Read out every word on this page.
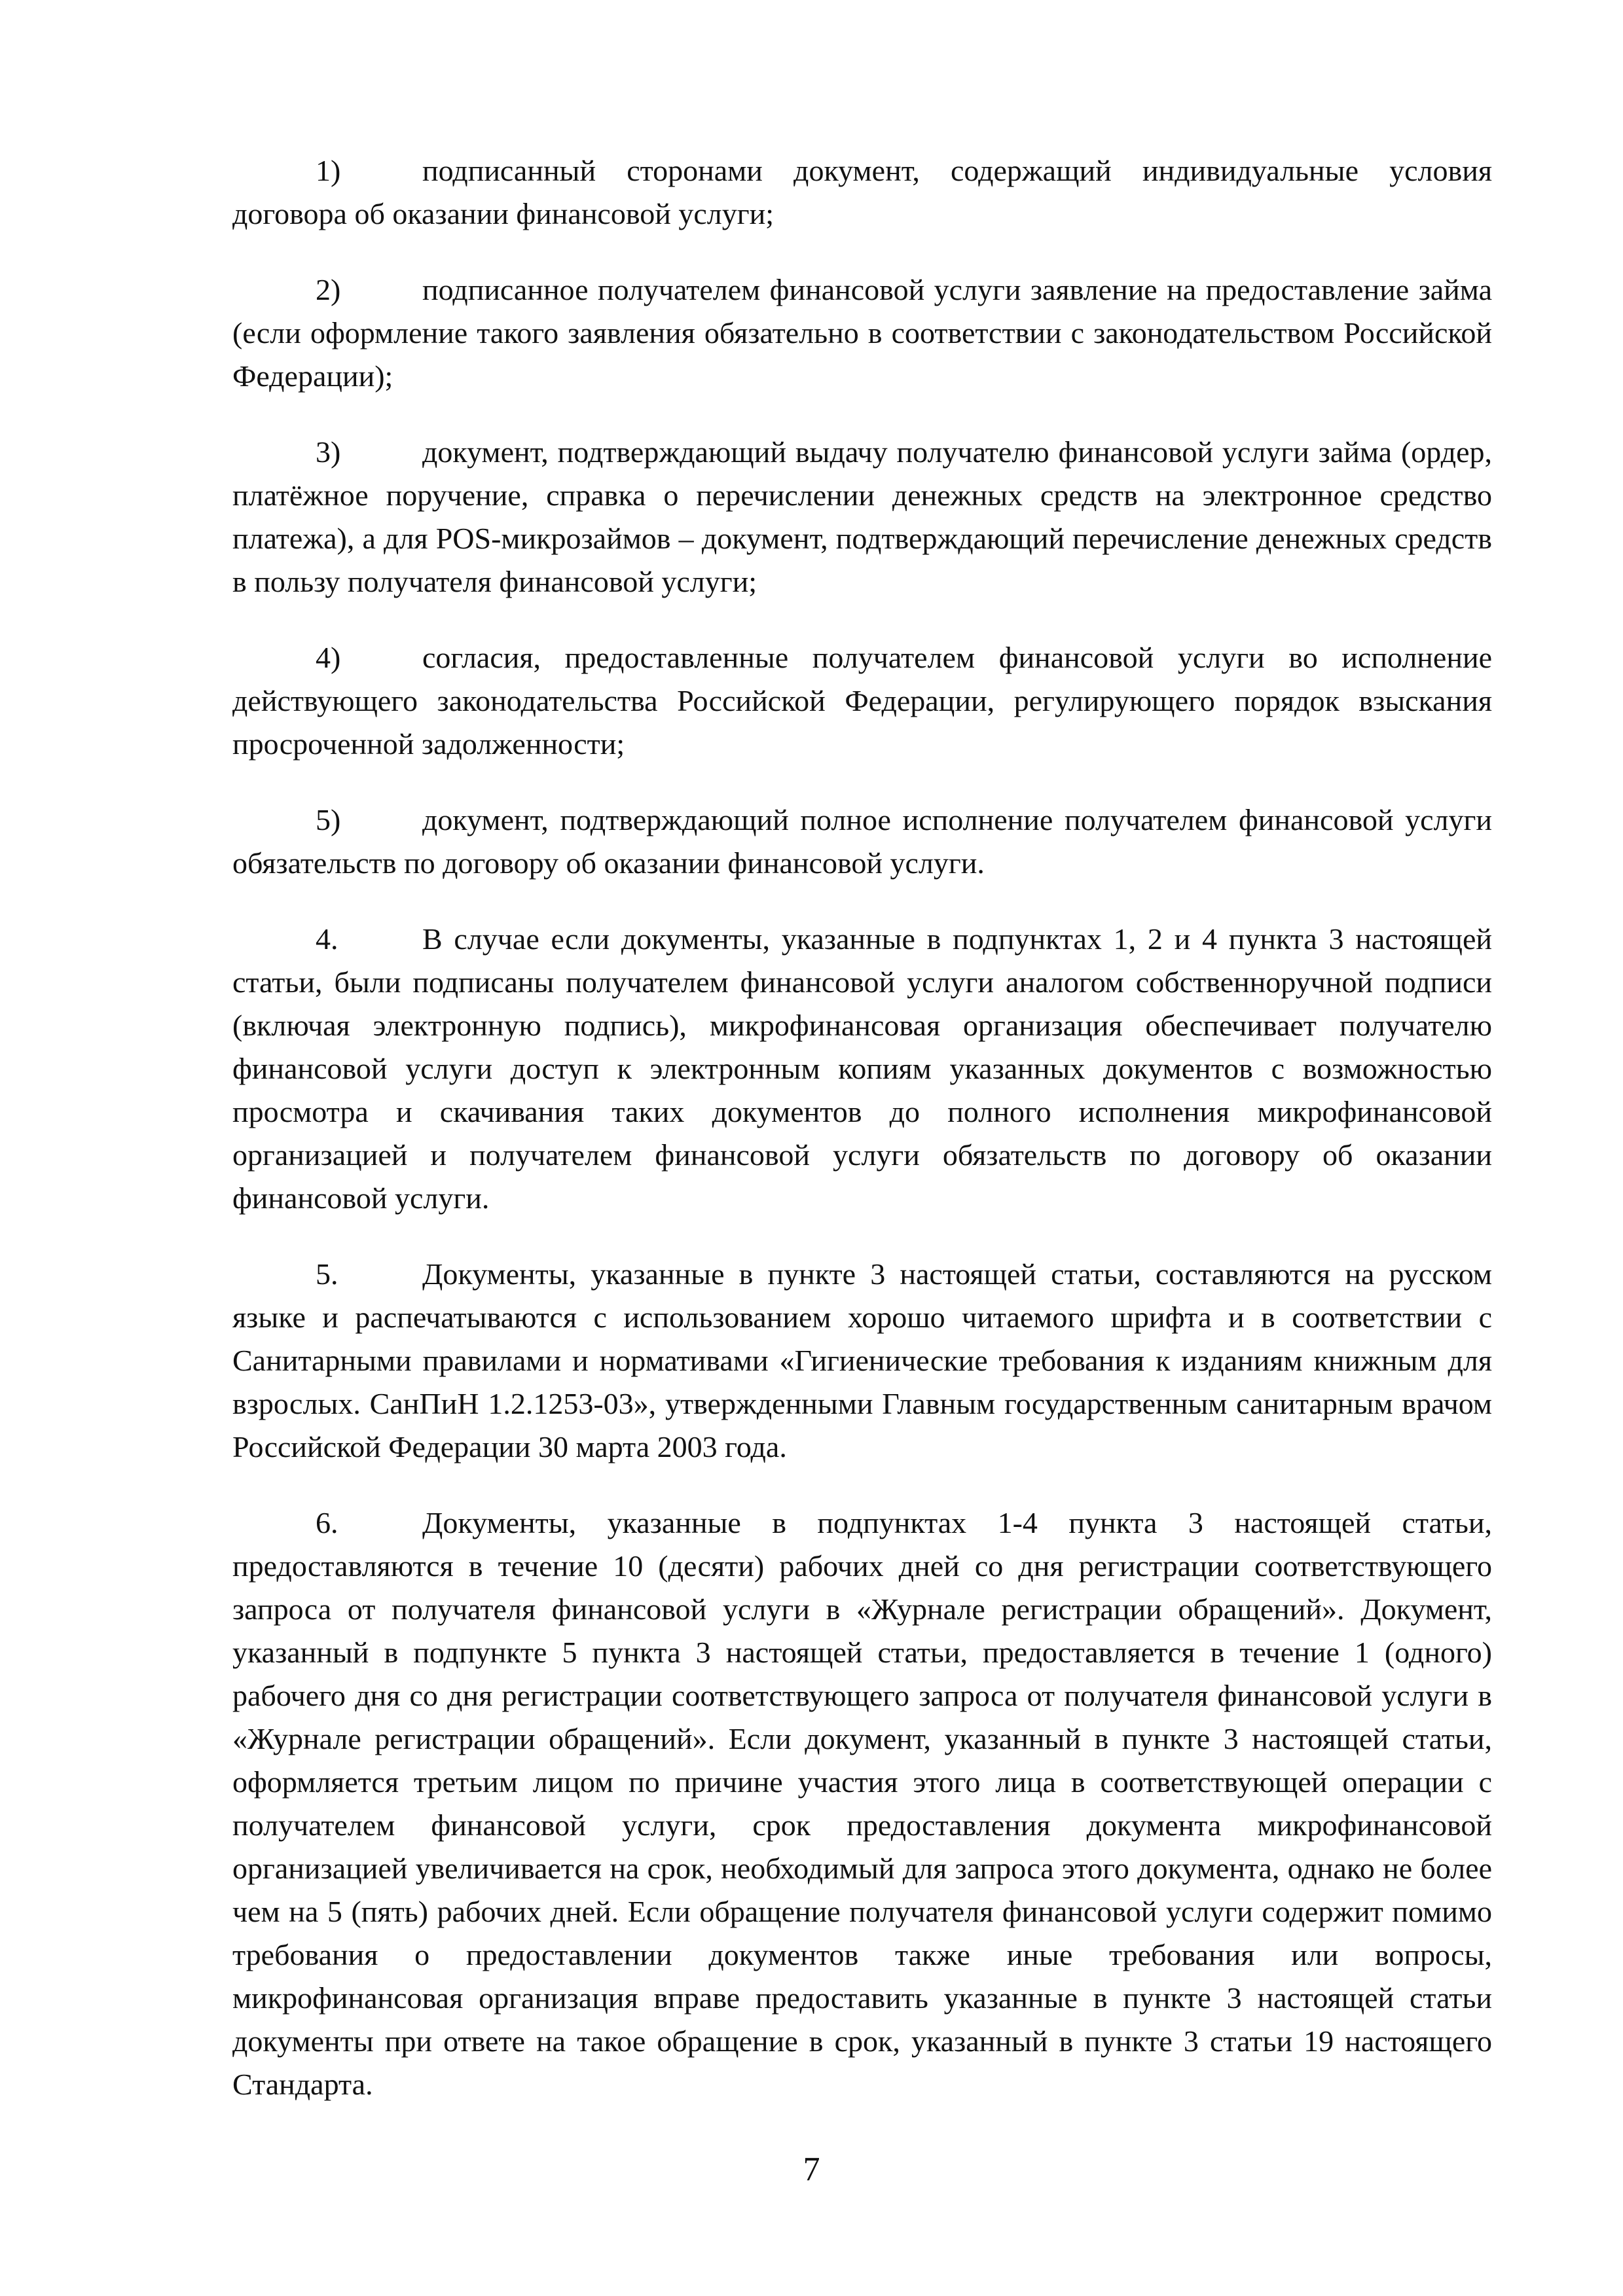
1)	подписанный сторонами документ, содержащий индивидуальные условия договора об оказании финансовой услуги;

2)	подписанное получателем финансовой услуги заявление на предоставление займа (если оформление такого заявления обязательно в соответствии с законодательством Российской Федерации);

3)	документ, подтверждающий выдачу получателю финансовой услуги займа (ордер, платёжное поручение, справка о перечислении денежных средств на электронное средство платежа), а для POS-микрозаймов – документ, подтверждающий перечисление денежных средств в пользу получателя финансовой услуги;

4)	согласия, предоставленные получателем финансовой услуги во исполнение действующего законодательства Российской Федерации, регулирующего порядок взыскания просроченной задолженности;

5)	документ, подтверждающий полное исполнение получателем финансовой услуги обязательств по договору об оказании финансовой услуги.

4.	В случае если документы, указанные в подпунктах 1, 2 и 4 пункта 3 настоящей статьи, были подписаны получателем финансовой услуги аналогом собственноручной подписи (включая электронную подпись), микрофинансовая организация обеспечивает получателю финансовой услуги доступ к электронным копиям указанных документов с возможностью просмотра и скачивания таких документов до полного исполнения микрофинансовой организацией и получателем финансовой услуги обязательств по договору об оказании финансовой услуги.

5.	Документы, указанные в пункте 3 настоящей статьи, составляются на русском языке и распечатываются с использованием хорошо читаемого шрифта и в соответствии с Санитарными правилами и нормативами «Гигиенические требования к изданиям книжным для взрослых. СанПиН 1.2.1253-03», утвержденными Главным государственным санитарным врачом Российской Федерации 30 марта 2003 года.

6.	Документы, указанные в подпунктах 1-4 пункта 3 настоящей статьи, предоставляются в течение 10 (десяти) рабочих дней со дня регистрации соответствующего запроса от получателя финансовой услуги в «Журнале регистрации обращений». Документ, указанный в подпункте 5 пункта 3 настоящей статьи, предоставляется в течение 1 (одного) рабочего дня со дня регистрации соответствующего запроса от получателя финансовой услуги в «Журнале регистрации обращений». Если документ, указанный в пункте 3 настоящей статьи, оформляется третьим лицом по причине участия этого лица в соответствующей операции с получателем финансовой услуги, срок предоставления документа микрофинансовой организацией увеличивается на срок, необходимый для запроса этого документа, однако не более чем на 5 (пять) рабочих дней. Если обращение получателя финансовой услуги содержит помимо требования о предоставлении документов также иные требования или вопросы, микрофинансовая организация вправе предоставить указанные в пункте 3 настоящей статьи документы при ответе на такое обращение в срок, указанный в пункте 3 статьи 19 настоящего Стандарта.

7
